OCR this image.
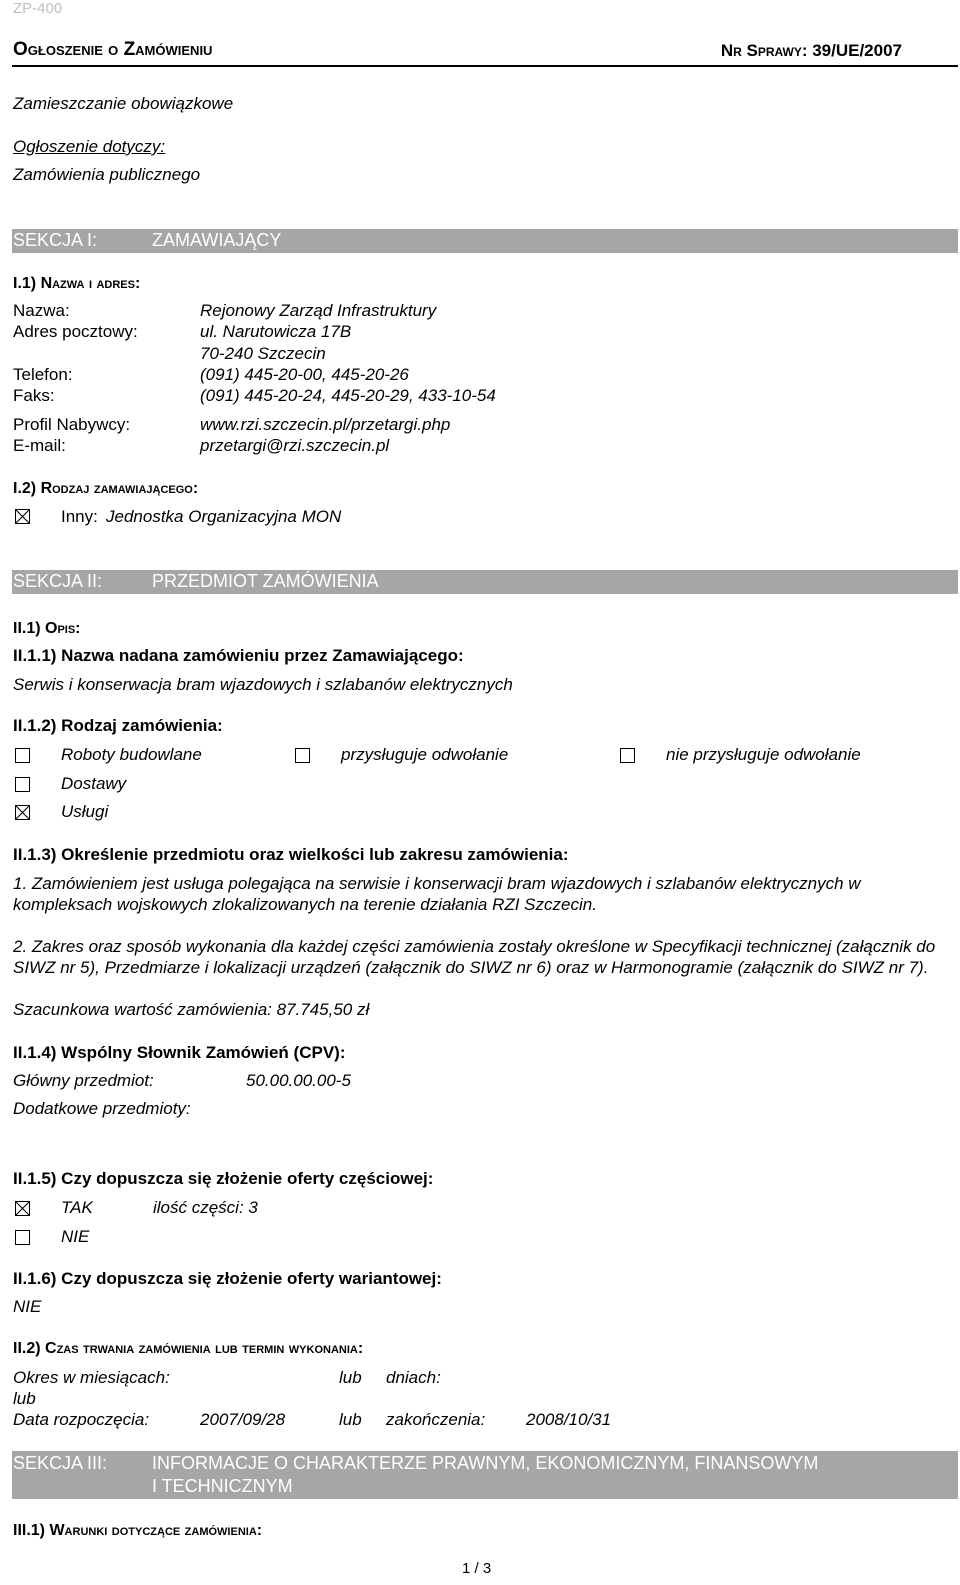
ZP-400
Ogłoszenie o Zamówieniu	Nr Sprawy: 39/UE/2007
Zamieszczanie obowiązkowe
Ogłoszenie dotyczy:
Zamówienia publicznego
SEKCJA I:	ZAMAWIAJĄCY
I.1) Nazwa i adres:
Nazwa:	Rejonowy Zarząd Infrastruktury
Adres pocztowy:	ul. Narutowicza 17B
70-240 Szczecin
Telefon:	(091) 445-20-00, 445-20-26
Faks:	(091) 445-20-24, 445-20-29, 433-10-54
Profil Nabywcy:	www.rzi.szczecin.pl/przetargi.php
E-mail:	przetargi@rzi.szczecin.pl
I.2) Rodzaj zamawiającego:
Inny: Jednostka Organizacyjna MON
SEKCJA II:	PRZEDMIOT ZAMÓWIENIA
II.1) Opis:
II.1.1) Nazwa nadana zamówieniu przez Zamawiającego:
Serwis i konserwacja bram wjazdowych i szlabanów elektrycznych
II.1.2) Rodzaj zamówienia:
Roboty budowlane	przysługuje odwołanie	nie przysługuje odwołanie
Dostawy
Usługi
II.1.3) Określenie przedmiotu oraz wielkości lub zakresu zamówienia:
1. Zamówieniem jest usługa polegająca na serwisie i konserwacji bram wjazdowych i szlabanów elektrycznych w kompleksach wojskowych zlokalizowanych na terenie działania RZI Szczecin.
2. Zakres oraz sposób wykonania dla każdej części zamówienia zostały określone w Specyfikacji technicznej (załącznik do SIWZ nr 5), Przedmiarze i lokalizacji urządzeń (załącznik do SIWZ nr 6) oraz w Harmonogramie (załącznik do SIWZ nr 7).
Szacunkowa wartość zamówienia: 87.745,50 zł
II.1.4) Wspólny Słownik Zamówień (CPV):
Główny przedmiot:	50.00.00.00-5
Dodatkowe przedmioty:
II.1.5) Czy dopuszcza się złożenie oferty częściowej:
TAK	ilość części: 3
NIE
II.1.6) Czy dopuszcza się złożenie oferty wariantowej:
NIE
II.2) Czas trwania zamówienia lub termin wykonania:
Okres w miesiącach:	lub dniach:
lub
Data rozpoczęcia:	2007/09/28	lub zakończenia: 2008/10/31
SEKCJA III: INFORMACJE O CHARAKTERZE PRAWNYM, EKONOMICZNYM, FINANSOWYM
I TECHNICZNYM
III.1) Warunki dotyczące zamówienia:
1 / 3
